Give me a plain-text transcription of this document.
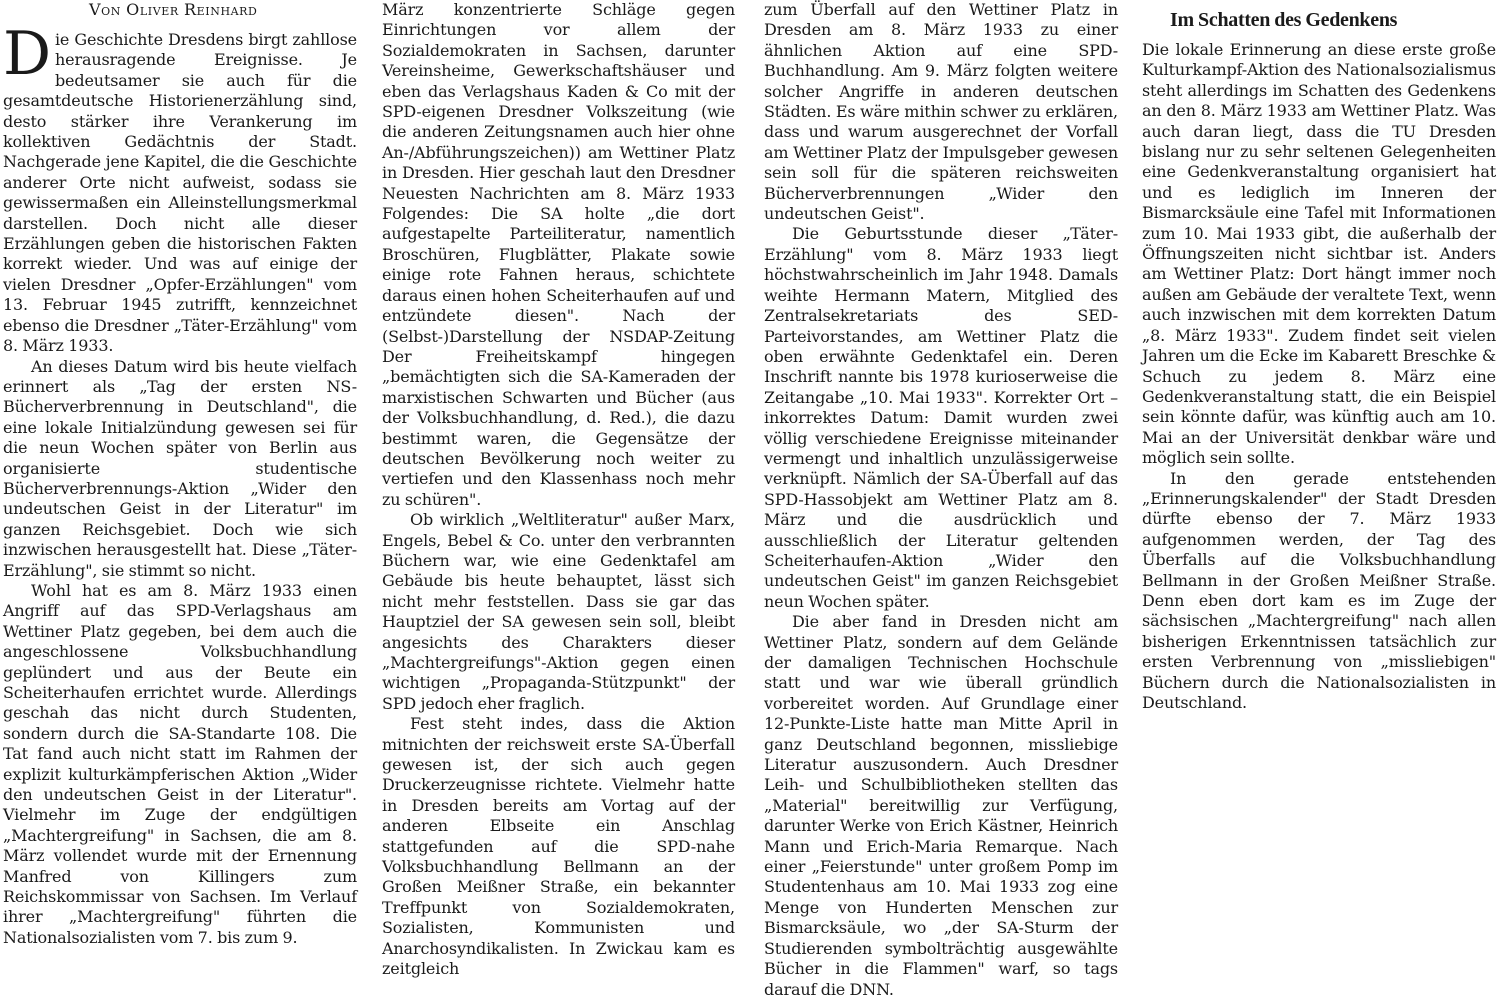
Von Oliver Reinhard

Die Geschichte Dresdens birgt zahllose herausragende Ereignisse. Je bedeutsamer sie auch für die gesamtdeutsche Historienerzählung sind, desto stärker ihre Verankerung im kollektiven Gedächtnis der Stadt. Nachgerade jene Kapitel, die die Geschichte anderer Orte nicht aufweist, sodass sie gewissermaßen ein Alleinstellungsmerkmal darstellen. Doch nicht alle dieser Erzählungen geben die historischen Fakten korrekt wieder. Und was auf einige der vielen Dresdner „Opfer-Erzählungen" vom 13. Februar 1945 zutrifft, kennzeichnet ebenso die Dresdner „Täter-Erzählung" vom 8. März 1933.

An dieses Datum wird bis heute vielfach erinnert als „Tag der ersten NS-Bücherverbrennung in Deutschland", die eine lokale Initialzündung gewesen sei für die neun Wochen später von Berlin aus organisierte studentische Bücherverbrennungs-Aktion „Wider den undeutschen Geist in der Literatur" im ganzen Reichsgebiet. Doch wie sich inzwischen herausgestellt hat. Diese „Täter-Erzählung", sie stimmt so nicht.

Wohl hat es am 8. März 1933 einen Angriff auf das SPD-Verlagshaus am Wettiner Platz gegeben, bei dem auch die angeschlossene Volksbuchhandlung geplündert und aus der Beute ein Scheiterhaufen errichtet wurde. Allerdings geschah das nicht durch Studenten, sondern durch die SA-Standarte 108. Die Tat fand auch nicht statt im Rahmen der explizit kulturkämpferischen Aktion „Wider den undeutschen Geist in der Literatur". Vielmehr im Zuge der endgültigen „Machtergreifung" in Sachsen, die am 8. März vollendet wurde mit der Ernennung Manfred von Killingers zum Reichskommissar von Sachsen. Im Verlauf ihrer „Machtergreifung" führten die Nationalsozialisten vom 7. bis zum 9.

März konzentrierte Schläge gegen Einrichtungen vor allem der Sozialdemokraten in Sachsen, darunter Vereinsheime, Gewerkschaftshäuser und eben das Verlagshaus Kaden & Co mit der SPD-eigenen Dresdner Volkszeitung (wie die anderen Zeitungsnamen auch hier ohne An-/Abführungszeichen)) am Wettiner Platz in Dresden. Hier geschah laut den Dresdner Neuesten Nachrichten am 8. März 1933 Folgendes: Die SA holte „die dort aufgestapelte Parteiliteratur, namentlich Broschüren, Flugblätter, Plakate sowie einige rote Fahnen heraus, schichtete daraus einen hohen Scheiterhaufen auf und entzündete diesen". Nach der (Selbst-)Darstellung der NSDAP-Zeitung Der Freiheitskampf hingegen „bemächtigten sich die SA-Kameraden der marxistischen Schwarten und Bücher (aus der Volksbuchhandlung, d. Red.), die dazu bestimmt waren, die Gegensätze der deutschen Bevölkerung noch weiter zu vertiefen und den Klassenhass noch mehr zu schüren".

Ob wirklich „Weltliteratur" außer Marx, Engels, Bebel & Co. unter den verbrannten Büchern war, wie eine Gedenktafel am Gebäude bis heute behauptet, lässt sich nicht mehr feststellen. Dass sie gar das Hauptziel der SA gewesen sein soll, bleibt angesichts des Charakters dieser „Machtergreifungs"-Aktion gegen einen wichtigen „Propaganda-Stützpunkt" der SPD jedoch eher fraglich.

Fest steht indes, dass die Aktion mitnichten der reichsweit erste SA-Überfall gewesen ist, der sich auch gegen Druckerzeugnisse richtete. Vielmehr hatte in Dresden bereits am Vortag auf der anderen Elbseite ein Anschlag stattgefunden auf die SPD-nahe Volksbuchhandlung Bellmann an der Großen Meißner Straße, ein bekannter Treffpunkt von Sozialdemokraten, Sozialisten, Kommunisten und Anarchosyndikalisten. In Zwickau kam es zeitgleich

zum Überfall auf den Wettiner Platz in Dresden am 8. März 1933 zu einer ähnlichen Aktion auf eine SPD-Buchhandlung. Am 9. März folgten weitere solcher Angriffe in anderen deutschen Städten. Es wäre mithin schwer zu erklären, dass und warum ausgerechnet der Vorfall am Wettiner Platz der Impulsgeber gewesen sein soll für die späteren reichsweiten Bücherverbrennungen „Wider den undeutschen Geist".

Die Geburtsstunde dieser „Täter-Erzählung" vom 8. März 1933 liegt höchstwahrscheinlich im Jahr 1948. Damals weihte Hermann Matern, Mitglied des Zentralsekretariats des SED-Parteivorstandes, am Wettiner Platz die oben erwähnte Gedenktafel ein. Deren Inschrift nannte bis 1978 kurioserweise die Zeitangabe „10. Mai 1933". Korrekter Ort – inkorrektes Datum: Damit wurden zwei völlig verschiedene Ereignisse miteinander vermengt und inhaltlich unzulässigerweise verknüpft. Nämlich der SA-Überfall auf das SPD-Hassobjekt am Wettiner Platz am 8. März und die ausdrücklich und ausschließlich der Literatur geltenden Scheiterhaufen-Aktion „Wider den undeutschen Geist" im ganzen Reichsgebiet neun Wochen später.

Die aber fand in Dresden nicht am Wettiner Platz, sondern auf dem Gelände der damaligen Technischen Hochschule statt und war wie überall gründlich vorbereitet worden. Auf Grundlage einer 12-Punkte-Liste hatte man Mitte April in ganz Deutschland begonnen, missliebige Literatur auszusondern. Auch Dresdner Leih- und Schulbibliotheken stellten das „Material" bereitwillig zur Verfügung, darunter Werke von Erich Kästner, Heinrich Mann und Erich-Maria Remarque. Nach einer „Feierstunde" unter großem Pomp im Studentenhaus am 10. Mai 1933 zog eine Menge von Hunderten Menschen zur Bismarcksäule, wo „der SA-Sturm der Studierenden symbolträchtig ausgewählte Bücher in die Flammen" warf, so tags darauf die DNN.

Im Schatten des Gedenkens

Die lokale Erinnerung an diese erste große Kulturkampf-Aktion des Nationalsozialismus steht allerdings im Schatten des Gedenkens an den 8. März 1933 am Wettiner Platz. Was auch daran liegt, dass die TU Dresden bislang nur zu sehr seltenen Gelegenheiten eine Gedenkveranstaltung organisiert hat und es lediglich im Inneren der Bismarcksäule eine Tafel mit Informationen zum 10. Mai 1933 gibt, die außerhalb der Öffnungszeiten nicht sichtbar ist. Anders am Wettiner Platz: Dort hängt immer noch außen am Gebäude der veraltete Text, wenn auch inzwischen mit dem korrekten Datum „8. März 1933". Zudem findet seit vielen Jahren um die Ecke im Kabarett Breschke & Schuch zu jedem 8. März eine Gedenkveranstaltung statt, die ein Beispiel sein könnte dafür, was künftig auch am 10. Mai an der Universität denkbar wäre und möglich sein sollte.

In den gerade entstehenden „Erinnerungskalender" der Stadt Dresden dürfte ebenso der 7. März 1933 aufgenommen werden, der Tag des Überfalls auf die Volksbuchhandlung Bellmann in der Großen Meißner Straße. Denn eben dort kam es im Zuge der sächsischen „Machtergreifung" nach allen bisherigen Erkenntnissen tatsächlich zur ersten Verbrennung von „missliebigen" Büchern durch die Nationalsozialisten in Deutschland.
